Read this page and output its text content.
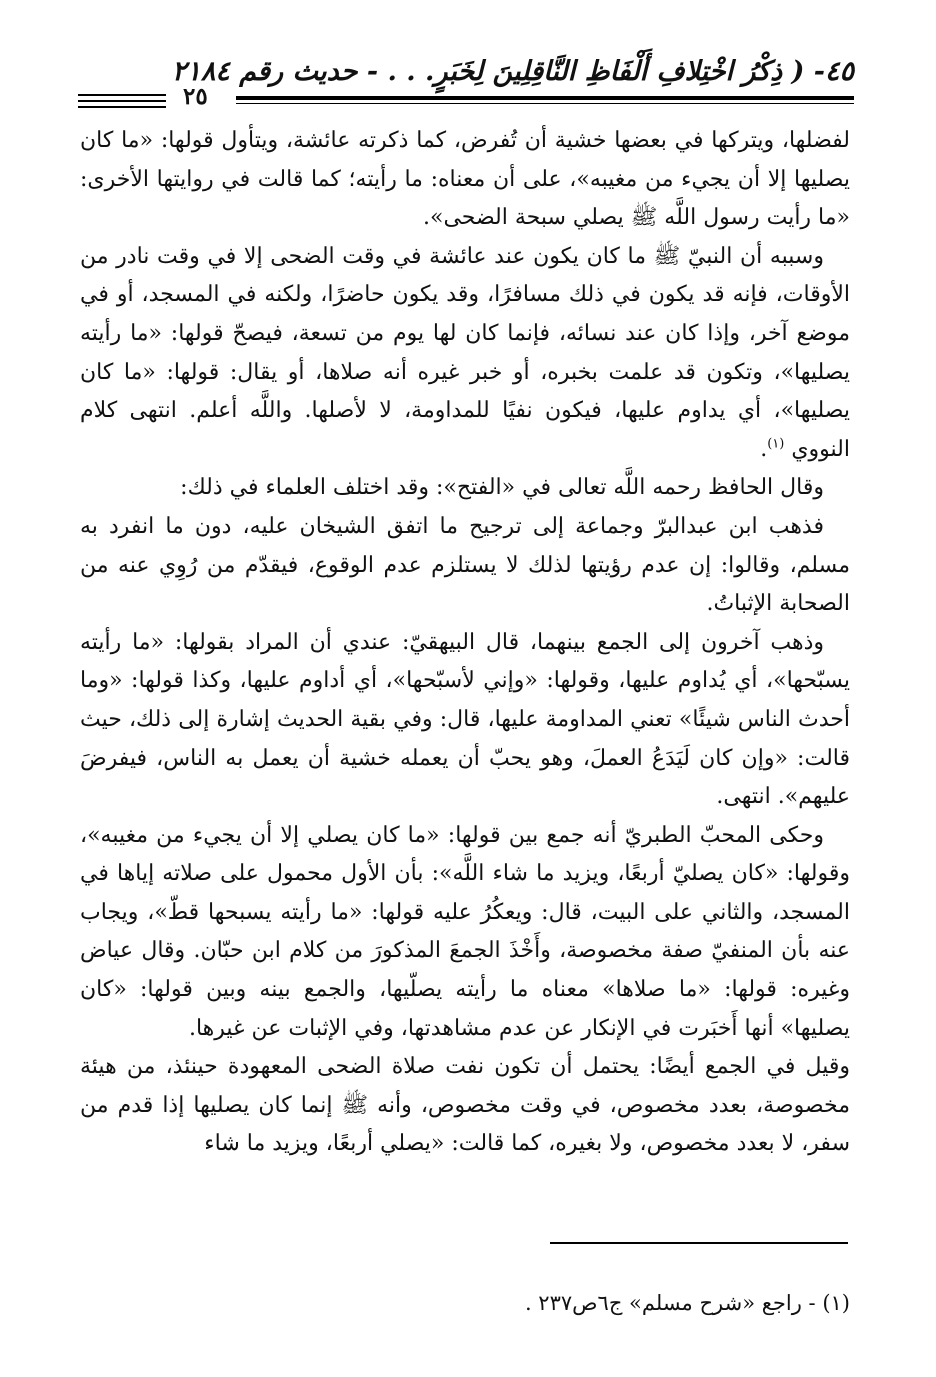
٤٥- ( ذِكْرُ اخْتِلافِ أَلْفَاظِ النَّاقِلِينَ لِخَبَرٍ. . . - حديث رقم ٢١٨٤
٢٥

لفضلها، ويتركها في بعضها خشية أن تُفرض، كما ذكرته عائشة، ويتأول قولها: «ما كان يصليها إلا أن يجيء من مغيبه»، على أن معناه: ما رأيته؛ كما قالت في روايتها الأخرى: «ما رأيت رسول اللَّه ﷺ يصلي سبحة الضحى».

وسببه أن النبيّ ﷺ ما كان يكون عند عائشة في وقت الضحى إلا في وقت نادر من الأوقات، فإنه قد يكون في ذلك مسافرًا، وقد يكون حاضرًا، ولكنه في المسجد، أو في موضع آخر، وإذا كان عند نسائه، فإنما كان لها يوم من تسعة، فيصحّ قولها: «ما رأيته يصليها»، وتكون قد علمت بخبره، أو خبر غيره أنه صلاها، أو يقال: قولها: «ما كان يصليها»، أي يداوم عليها، فيكون نفيًا للمداومة، لا لأصلها. واللَّه أعلم. انتهى كلام النووي $^{(١)}$.

وقال الحافظ رحمه اللَّه تعالى في «الفتح»: وقد اختلف العلماء في ذلك:

فذهب ابن عبدالبرّ وجماعة إلى ترجيح ما اتفق الشيخان عليه، دون ما انفرد به مسلم، وقالوا: إن عدم رؤيتها لذلك لا يستلزم عدم الوقوع، فيقدّم من رُوِي عنه من الصحابة الإثباتُ.

وذهب آخرون إلى الجمع بينهما، قال البيهقيّ: عندي أن المراد بقولها: «ما رأيته يسبّحها»، أي يُداوم عليها، وقولها: «وإني لأسبّحها»، أي أداوم عليها، وكذا قولها: «وما أحدث الناس شيئًا» تعني المداومة عليها، قال: وفي بقية الحديث إشارة إلى ذلك، حيث قالت: «وإن كان لَيَدَعُ العملَ، وهو يحبّ أن يعمله خشية أن يعمل به الناس، فيفرضَ عليهم». انتهى.

وحكى المحبّ الطبريّ أنه جمع بين قولها: «ما كان يصلي إلا أن يجيء من مغيبه»، وقولها: «كان يصليّ أربعًا، ويزيد ما شاء اللَّه»: بأن الأول محمول على صلاته إياها في المسجد، والثاني على البيت، قال: ويعكُرُ عليه قولها: «ما رأيته يسبحها قطّ»، ويجاب عنه بأن المنفيّ صفة مخصوصة، وأَخْذَ الجمعَ المذكورَ من كلام ابن حبّان. وقال عياض وغيره: قولها: «ما صلاها» معناه ما رأيته يصلّيها، والجمع بينه وبين قولها: «كان يصليها» أنها أَخبَرت في الإنكار عن عدم مشاهدتها، وفي الإثبات عن غيرها.

وقيل في الجمع أيضًا: يحتمل أن تكون نفت صلاة الضحى المعهودة حينئذ، من هيئة مخصوصة، بعدد مخصوص، في وقت مخصوص، وأنه ﷺ إنما كان يصليها إذا قدم من سفر، لا بعدد مخصوص، ولا بغيره، كما قالت: «يصلي أربعًا، ويزيد ما شاء

(١) - راجع «شرح مسلم» ج٦ص٢٣٧ .
